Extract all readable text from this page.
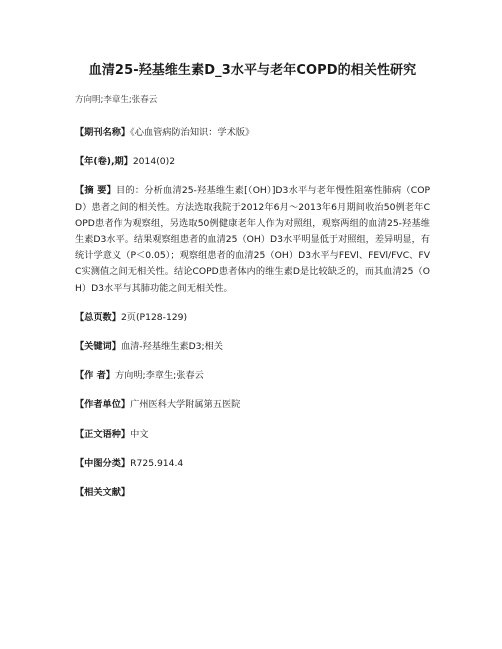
血清25-羟基维生素D_3水平与老年COPD的相关性研究
方向明;李章生;张春云
【期刊名称】《心血管病防治知识：学术版》
【年(卷),期】2014(0)2
【摘 要】目的：分析血清25-羟基维生素[（OH）]D3水平与老年慢性阻塞性肺病（COPD）患者之间的相关性。方法选取我院于2012年6月～2013年6月期间收治50例老年COPD患者作为观察组，另选取50例健康老年人作为对照组，观察两组的血清25-羟基维生素D3水平。结果观察组患者的血清25（OH）D3水平明显低于对照组，差异明显，有统计学意义（P＜0.05）；观察组患者的血清25（OH）D3水平与FEVl、FEVl/FVC、FVC实测值之间无相关性。结论COPD患者体内的维生素D是比较缺乏的，而其血清25（OH）D3水平与其肺功能之间无相关性。
【总页数】2页(P128-129)
【关键词】血清-羟基维生素D3;相关
【作 者】方向明;李章生;张春云
【作者单位】广州医科大学附属第五医院
【正文语种】中文
【中图分类】R725.914.4
【相关文献】
